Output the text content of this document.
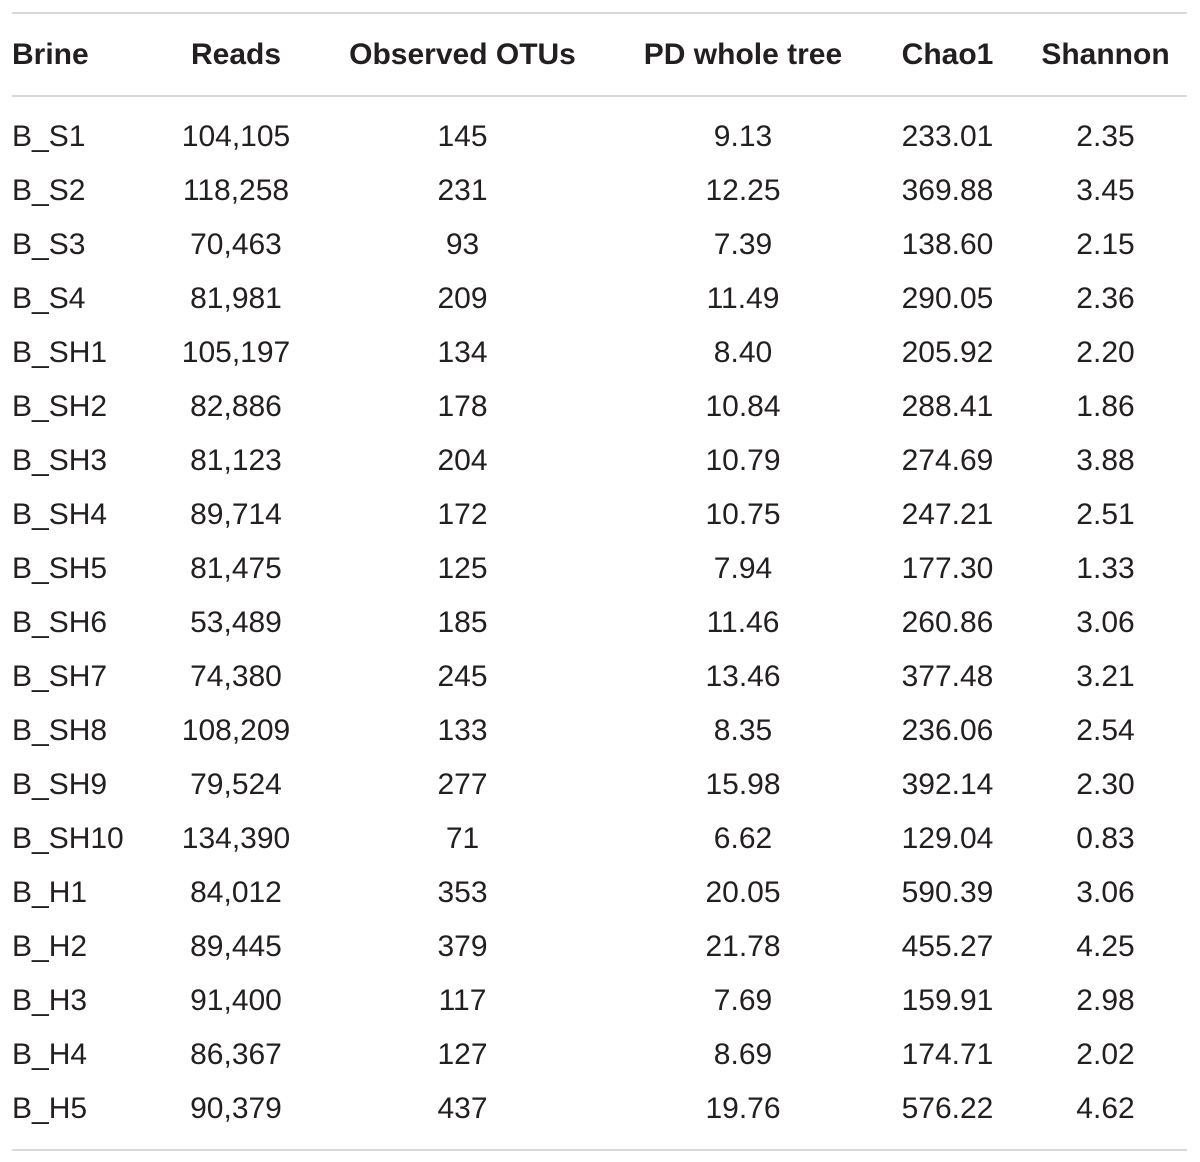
Brine	Reads	Observed OTUs	PD whole tree	Chao1	Shannon
B_S1	104,105	145	9.13	233.01	2.35
B_S2	118,258	231	12.25	369.88	3.45
B_S3	70,463	93	7.39	138.60	2.15
B_S4	81,981	209	11.49	290.05	2.36
B_SH1	105,197	134	8.40	205.92	2.20
B_SH2	82,886	178	10.84	288.41	1.86
B_SH3	81,123	204	10.79	274.69	3.88
B_SH4	89,714	172	10.75	247.21	2.51
B_SH5	81,475	125	7.94	177.30	1.33
B_SH6	53,489	185	11.46	260.86	3.06
B_SH7	74,380	245	13.46	377.48	3.21
B_SH8	108,209	133	8.35	236.06	2.54
B_SH9	79,524	277	15.98	392.14	2.30
B_SH10	134,390	71	6.62	129.04	0.83
B_H1	84,012	353	20.05	590.39	3.06
B_H2	89,445	379	21.78	455.27	4.25
B_H3	91,400	117	7.69	159.91	2.98
B_H4	86,367	127	8.69	174.71	2.02
B_H5	90,379	437	19.76	576.22	4.62
